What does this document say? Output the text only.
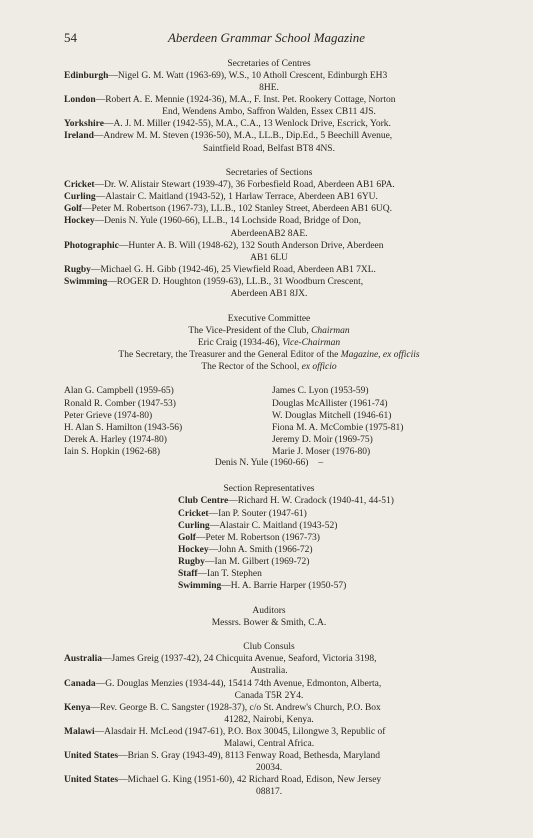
54	Aberdeen Grammar School Magazine

Secretaries of Centres

Edinburgh—Nigel G. M. Watt (1963-69), W.S., 10 Atholl Crescent, Edinburgh EH3
8HE.

London—Robert A. E. Mennie (1924-36), M.A., F. Inst. Pet. Rookery Cottage, Norton
End, Wendens Ambo, Saffron Walden, Essex CB11 4JS.

Yorkshire—A. J. M. Miller (1942-55), M.A., C.A., 13 Wenlock Drive, Escrick, York.

Ireland—Andrew M. M. Steven (1936-50), M.A., LL.B., Dip.Ed., 5 Beechill Avenue,
Saintfield Road, Belfast BT8 4NS.

Secretaries of Sections

Cricket—Dr. W. Alistair Stewart (1939-47), 36 Forbesfield Road, Aberdeen AB1 6PA.

Curling—Alastair C. Maitland (1943-52), 1 Harlaw Terrace, Aberdeen AB1 6YU.

Golf—Peter M. Robertson (1967-73), LL.B., 102 Stanley Street, Aberdeen AB1 6UQ.

Hockey—Denis N. Yule (1960-66), LL.B., 14 Lochside Road, Bridge of Don,
AberdeenAB2 8AE.

Photographic—Hunter A. B. Will (1948-62), 132 South Anderson Drive, Aberdeen
AB1 6LU

Rugby—Michael G. H. Gibb (1942-46), 25 Viewfield Road, Aberdeen AB1 7XL.

Swimming—ROGER D. Houghton (1959-63), LL.B., 31 Woodburn Crescent,
Aberdeen AB1 8JX.

Executive Committee

The Vice-President of the Club, Chairman

Eric Craig (1934-46), Vice-Chairman

The Secretary, the Treasurer and the General Editor of the Magazine, ex officiis

The Rector of the School, ex officio

Alan G. Campbell (1959-65)
Ronald R. Comber (1947-53)
Peter Grieve (1974-80)
H. Alan S. Hamilton (1943-56)
Derek A. Harley (1974-80)
Iain S. Hopkin (1962-68)
James C. Lyon (1953-59)
Douglas McAllister (1961-74)
W. Douglas Mitchell (1946-61)
Fiona M. A. McCombie (1975-81)
Jeremy D. Moir (1969-75)
Marie J. Moser (1976-80)
Denis N. Yule (1960-66) –

Section Representatives

Club Centre—Richard H. W. Cradock (1940-41, 44-51)
Cricket—Ian P. Souter (1947-61)
Curling—Alastair C. Maitland (1943-52)
Golf—Peter M. Robertson (1967-73)
Hockey—John A. Smith (1966-72)
Rugby—Ian M. Gilbert (1969-72)
Staff—Ian T. Stephen
Swimming—H. A. Barrie Harper (1950-57)

Auditors

Messrs. Bower & Smith, C.A.

Club Consuls

Australia—James Greig (1937-42), 24 Chicquita Avenue, Seaford, Victoria 3198,
Australia.

Canada—G. Douglas Menzies (1934-44), 15414 74th Avenue, Edmonton, Alberta,
Canada T5R 2Y4.

Kenya—Rev. George B. C. Sangster (1928-37), c/o St. Andrew's Church, P.O. Box
41282, Nairobi, Kenya.

Malawi—Alasdair H. McLeod (1947-61), P.O. Box 30045, Lilongwe 3, Republic of
Malawi, Central Africa.

United States—Brian S. Gray (1943-49), 8113 Fenway Road, Bethesda, Maryland
20034.

United States—Michael G. King (1951-60), 42 Richard Road, Edison, New Jersey
08817.
